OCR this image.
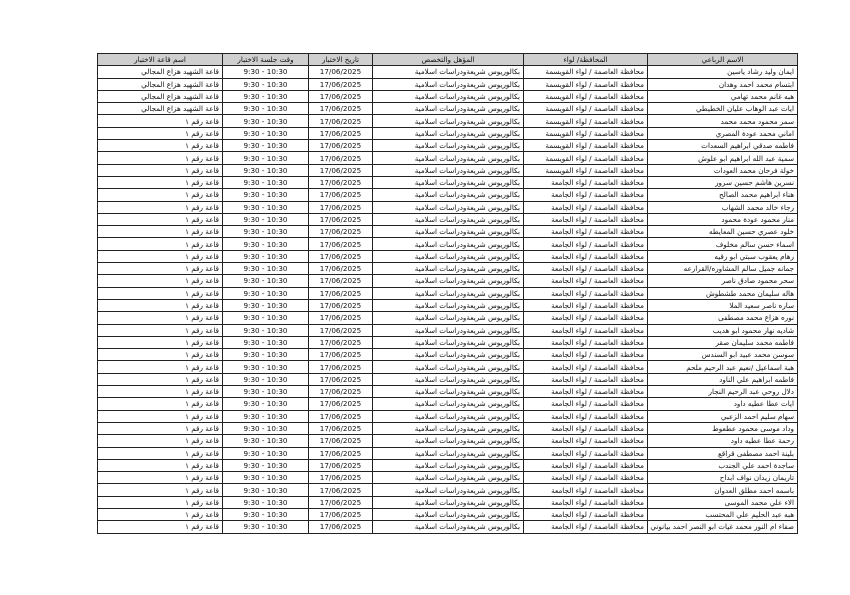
الاسم الرباعي	المحافظة/ لواء	المؤهل والتخصص	تاريخ الاختبار	وقت جلسة الاختبار	اسم قاعة الاختبار
ايمان وليد رشاد ياسين	محافظة العاصمة / لواء القويسمة	بكالوريوس شريعةودراسات اسلامية	17/06/2025	9:30 - 10:30	قاعة الشهيد هزاع المجالي
ابتسام محمد احمد وهدان	محافظة العاصمة / لواء القويسمة	بكالوريوس شريعةودراسات اسلامية	17/06/2025	9:30 - 10:30	قاعة الشهيد هزاع المجالي
هبه غانم محمد تهامي	محافظة العاصمة / لواء القويسمة	بكالوريوس شريعةودراسات اسلامية	17/06/2025	9:30 - 10:30	قاعة الشهيد هزاع المجالي
ايات عبد الوهاب عليان الخطيطي	محافظة العاصمة / لواء القويسمة	بكالوريوس شريعةودراسات اسلامية	17/06/2025	9:30 - 10:30	قاعة الشهيد هزاع المجالي
سمر محمود محمد محمد	محافظة العاصمة / لواء القويسمة	بكالوريوس شريعةودراسات اسلامية	17/06/2025	9:30 - 10:30	قاعة رقم ١
اماني محمد عودة المصري	محافظة العاصمة / لواء القويسمة	بكالوريوس شريعةودراسات اسلامية	17/06/2025	9:30 - 10:30	قاعة رقم ١
فاطمه صدقي ابراهيم السعدات	محافظة العاصمة / لواء القويسمة	بكالوريوس شريعةودراسات اسلامية	17/06/2025	9:30 - 10:30	قاعة رقم ١
سمية عبد الله ابراهيم ابو علوش	محافظة العاصمة / لواء القويسمة	بكالوريوس شريعةودراسات اسلامية	17/06/2025	9:30 - 10:30	قاعة رقم ١
خولة فرحان محمد العودات	محافظة العاصمة / لواء القويسمة	بكالوريوس شريعةودراسات اسلامية	17/06/2025	9:30 - 10:30	قاعة رقم ١
نسرين هاشم حسين سرور	محافظة العاصمة / لواء الجامعة	بكالوريوس شريعةودراسات اسلامية	17/06/2025	9:30 - 10:30	قاعة رقم ١
هناء ابراهيم محمد الصالح	محافظة العاصمة / لواء الجامعة	بكالوريوس شريعةودراسات اسلامية	17/06/2025	9:30 - 10:30	قاعة رقم ١
رجاء خالد محمد الشهاب	محافظة العاصمة / لواء الجامعة	بكالوريوس شريعةودراسات اسلامية	17/06/2025	9:30 - 10:30	قاعة رقم ١
منار محمود عودة محمود	محافظة العاصمة / لواء الجامعة	بكالوريوس شريعةودراسات اسلامية	17/06/2025	9:30 - 10:30	قاعة رقم ١
خلود عصري حسين المعايطه	محافظة العاصمة / لواء الجامعة	بكالوريوس شريعةودراسات اسلامية	17/06/2025	9:30 - 10:30	قاعة رقم ١
اسماء حسن سالم مخلوف	محافظة العاصمة / لواء الجامعة	بكالوريوس شريعةودراسات اسلامية	17/06/2025	9:30 - 10:30	قاعة رقم ١
رهام يعقوب سبتي ابو رقيه	محافظة العاصمة / لواء الجامعة	بكالوريوس شريعةودراسات اسلامية	17/06/2025	9:30 - 10:30	قاعة رقم ١
جمانه جميل سالم المشاوره/القرارعه	محافظة العاصمة / لواء الجامعة	بكالوريوس شريعةودراسات اسلامية	17/06/2025	9:30 - 10:30	قاعة رقم ١
سحر محمود صادق ناصر	محافظة العاصمة / لواء الجامعة	بكالوريوس شريعةودراسات اسلامية	17/06/2025	9:30 - 10:30	قاعة رقم ١
هاله سليمان محمد طشطوش	محافظة العاصمة / لواء الجامعة	بكالوريوس شريعةودراسات اسلامية	17/06/2025	9:30 - 10:30	قاعة رقم ١
ساره ناصر سعيد الملا	محافظة العاصمة / لواء الجامعة	بكالوريوس شريعةودراسات اسلامية	17/06/2025	9:30 - 10:30	قاعة رقم ١
نوره هزاع محمد مصطفى	محافظة العاصمة / لواء الجامعة	بكالوريوس شريعةودراسات اسلامية	17/06/2025	9:30 - 10:30	قاعة رقم ١
شاديه نهار محمود ابو هديب	محافظة العاصمة / لواء الجامعة	بكالوريوس شريعةودراسات اسلامية	17/06/2025	9:30 - 10:30	قاعة رقم ١
فاطمه محمد سليمان صقر	محافظة العاصمة / لواء الجامعة	بكالوريوس شريعةودراسات اسلامية	17/06/2025	9:30 - 10:30	قاعة رقم ١
سوسن محمد عبيد ابو السندس	محافظة العاصمة / لواء الجامعة	بكالوريوس شريعةودراسات اسلامية	17/06/2025	9:30 - 10:30	قاعة رقم ١
هبة اسماعيل /نعيم عبد الرحيم ملحم	محافظة العاصمة / لواء الجامعة	بكالوريوس شريعةودراسات اسلامية	17/06/2025	9:30 - 10:30	قاعة رقم ١
فاطمه ابراهيم علي الناود	محافظة العاصمة / لواء الجامعة	بكالوريوس شريعةودراسات اسلامية	17/06/2025	9:30 - 10:30	قاعة رقم ١
دلال روحي عبد الرحيم النجار	محافظة العاصمة / لواء الجامعة	بكالوريوس شريعةودراسات اسلامية	17/06/2025	9:30 - 10:30	قاعة رقم ١
ايات عطا عطيه داود	محافظة العاصمة / لواء الجامعة	بكالوريوس شريعةودراسات اسلامية	17/06/2025	9:30 - 10:30	قاعة رقم ١
سهام سليم احمد الزعبي	محافظة العاصمة / لواء الجامعة	بكالوريوس شريعةودراسات اسلامية	17/06/2025	9:30 - 10:30	قاعة رقم ١
وداد موسى محمود عطعوط	محافظة العاصمة / لواء الجامعة	بكالوريوس شريعةودراسات اسلامية	17/06/2025	9:30 - 10:30	قاعة رقم ١
رحمة عطا عطيه داود	محافظة العاصمة / لواء الجامعة	بكالوريوس شريعةودراسات اسلامية	17/06/2025	9:30 - 10:30	قاعة رقم ١
بلينة احمد مصطفى قراقع	محافظة العاصمة / لواء الجامعة	بكالوريوس شريعةودراسات اسلامية	17/06/2025	9:30 - 10:30	قاعة رقم ١
ساجدة احمد علي الجندب	محافظة العاصمة / لواء الجامعة	بكالوريوس شريعةودراسات اسلامية	17/06/2025	9:30 - 10:30	قاعة رقم ١
تاريمان زيدان نواف ابداح	محافظة العاصمة / لواء الجامعة	بكالوريوس شريعةودراسات اسلامية	17/06/2025	9:30 - 10:30	قاعة رقم ١
باسمه احمد مطلق العدوان	محافظة العاصمة / لواء الجامعة	بكالوريوس شريعةودراسات اسلامية	17/06/2025	9:30 - 10:30	قاعة رقم ١
الاء علي محمد الموسى	محافظة العاصمة / لواء الجامعة	بكالوريوس شريعةودراسات اسلامية	17/06/2025	9:30 - 10:30	قاعة رقم ١
هبه عبد الحليم علي المحتسب	محافظة العاصمة / لواء الجامعة	بكالوريوس شريعةودراسات اسلامية	17/06/2025	9:30 - 10:30	قاعة رقم ١
صفاء ام النور محمد غيات ابو النصر احمد بيانوني	محافظة العاصمة / لواء الجامعة	بكالوريوس شريعةودراسات اسلامية	17/06/2025	9:30 - 10:30	قاعة رقم ١
